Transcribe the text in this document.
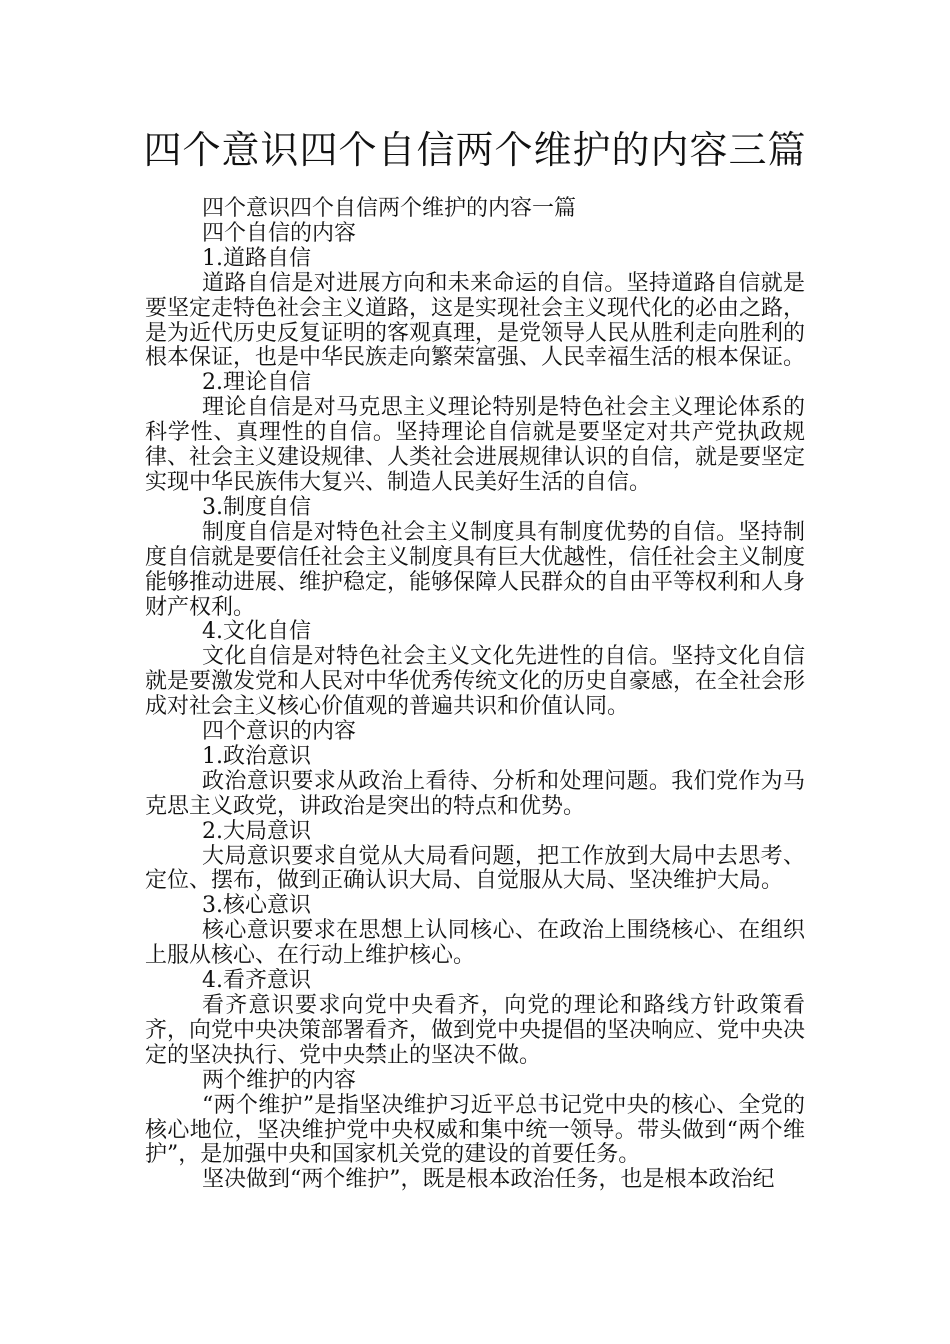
四个意识四个自信两个维护的内容三篇

四个意识四个自信两个维护的内容一篇

四个自信的内容

1.道路自信

道路自信是对进展方向和未来命运的自信。坚持道路自信就是要坚定走特色社会主义道路，这是实现社会主义现代化的必由之路，是为近代历史反复证明的客观真理，是党领导人民从胜利走向胜利的根本保证，也是中华民族走向繁荣富强、人民幸福生活的根本保证。

2.理论自信

理论自信是对马克思主义理论特别是特色社会主义理论体系的科学性、真理性的自信。坚持理论自信就是要坚定对共产党执政规律、社会主义建设规律、人类社会进展规律认识的自信，就是要坚定实现中华民族伟大复兴、制造人民美好生活的自信。

3.制度自信

制度自信是对特色社会主义制度具有制度优势的自信。坚持制度自信就是要信任社会主义制度具有巨大优越性，信任社会主义制度能够推动进展、维护稳定，能够保障人民群众的自由平等权利和人身财产权利。

4.文化自信

文化自信是对特色社会主义文化先进性的自信。坚持文化自信就是要激发党和人民对中华优秀传统文化的历史自豪感，在全社会形成对社会主义核心价值观的普遍共识和价值认同。

四个意识的内容

1.政治意识

政治意识要求从政治上看待、分析和处理问题。我们党作为马克思主义政党，讲政治是突出的特点和优势。

2.大局意识

大局意识要求自觉从大局看问题，把工作放到大局中去思考、定位、摆布，做到正确认识大局、自觉服从大局、坚决维护大局。

3.核心意识

核心意识要求在思想上认同核心、在政治上围绕核心、在组织上服从核心、在行动上维护核心。

4.看齐意识

看齐意识要求向党中央看齐，向党的理论和路线方针政策看齐，向党中央决策部署看齐，做到党中央提倡的坚决响应、党中央决定的坚决执行、党中央禁止的坚决不做。

两个维护的内容

“两个维护”是指坚决维护习近平总书记党中央的核心、全党的核心地位，坚决维护党中央权威和集中统一领导。带头做到“两个维护”，是加强中央和国家机关党的建设的首要任务。

坚决做到“两个维护”，既是根本政治任务，也是根本政治纪
